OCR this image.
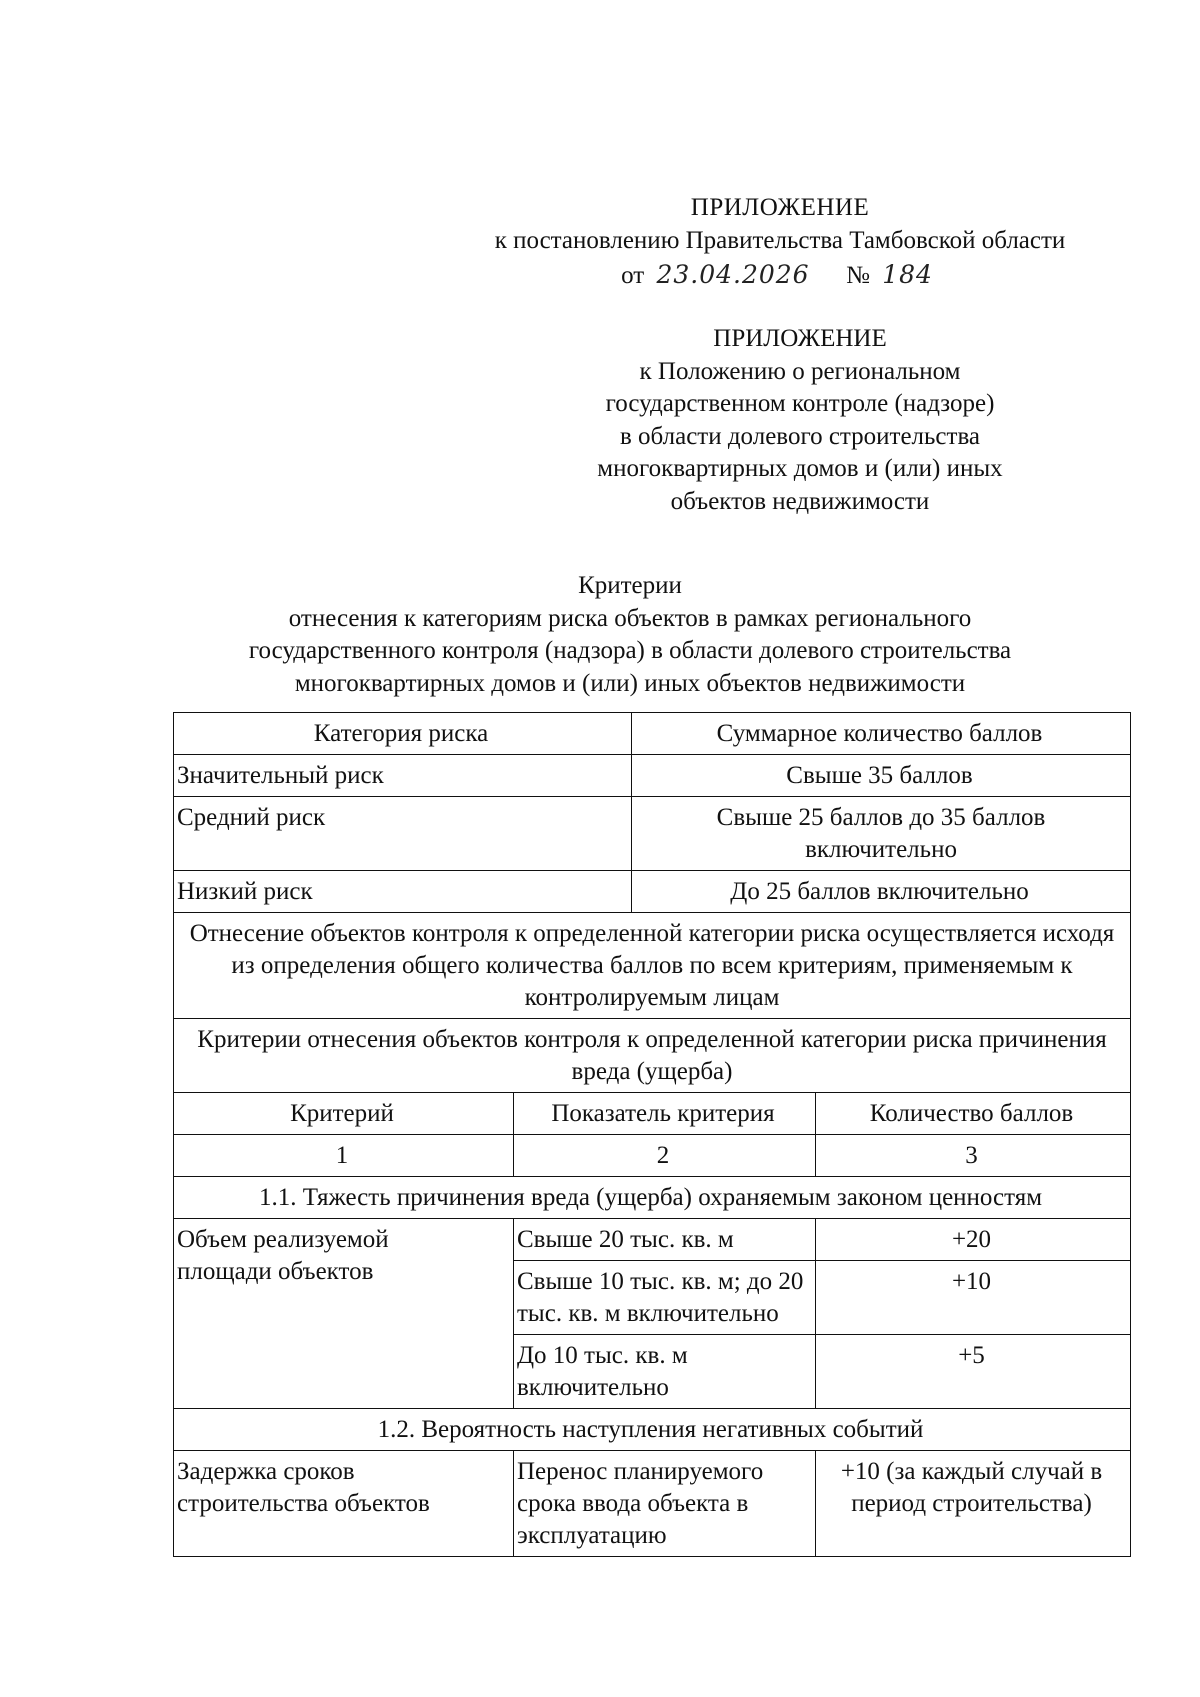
ПРИЛОЖЕНИЕ
к постановлению Правительства Тамбовской области
от 23.04.2026 № 184
ПРИЛОЖЕНИЕ
к Положению о региональном
государственном контроле (надзоре)
в области долевого строительства
многоквартирных домов и (или) иных
объектов недвижимости
Критерии
отнесения к категориям риска объектов в рамках регионального
государственного контроля (надзора) в области долевого строительства
многоквартирных домов и (или) иных объектов недвижимости
Категория риска		Суммарное количество баллов	
Значительный риск		Свыше 35 баллов	
Средний риск		Свыше 25 баллов до 35 баллов включительно	
Низкий риск		До 25 баллов включительно	
Отнесение объектов контроля к определенной категории риска осуществляется исходя из определения общего количества баллов по всем критериям, применяемым к контролируемым лицам			
Критерии отнесения объектов контроля к определенной категории риска причинения вреда (ущерба)			
Критерий	Показатель критерия		Количество баллов
1	2		3
1.1. Тяжесть причинения вреда (ущерба) охраняемым законом ценностям			
Объем реализуемой площади объектов	Свыше 20 тыс. кв. м		+20
	Свыше 10 тыс. кв. м; до 20 тыс. кв. м включительно		+10
	До 10 тыс. кв. м включительно		+5
1.2. Вероятность наступления негативных событий			
Задержка сроков строительства объектов	Перенос планируемого срока ввода объекта в эксплуатацию		+10 (за каждый случай в период строительства)
